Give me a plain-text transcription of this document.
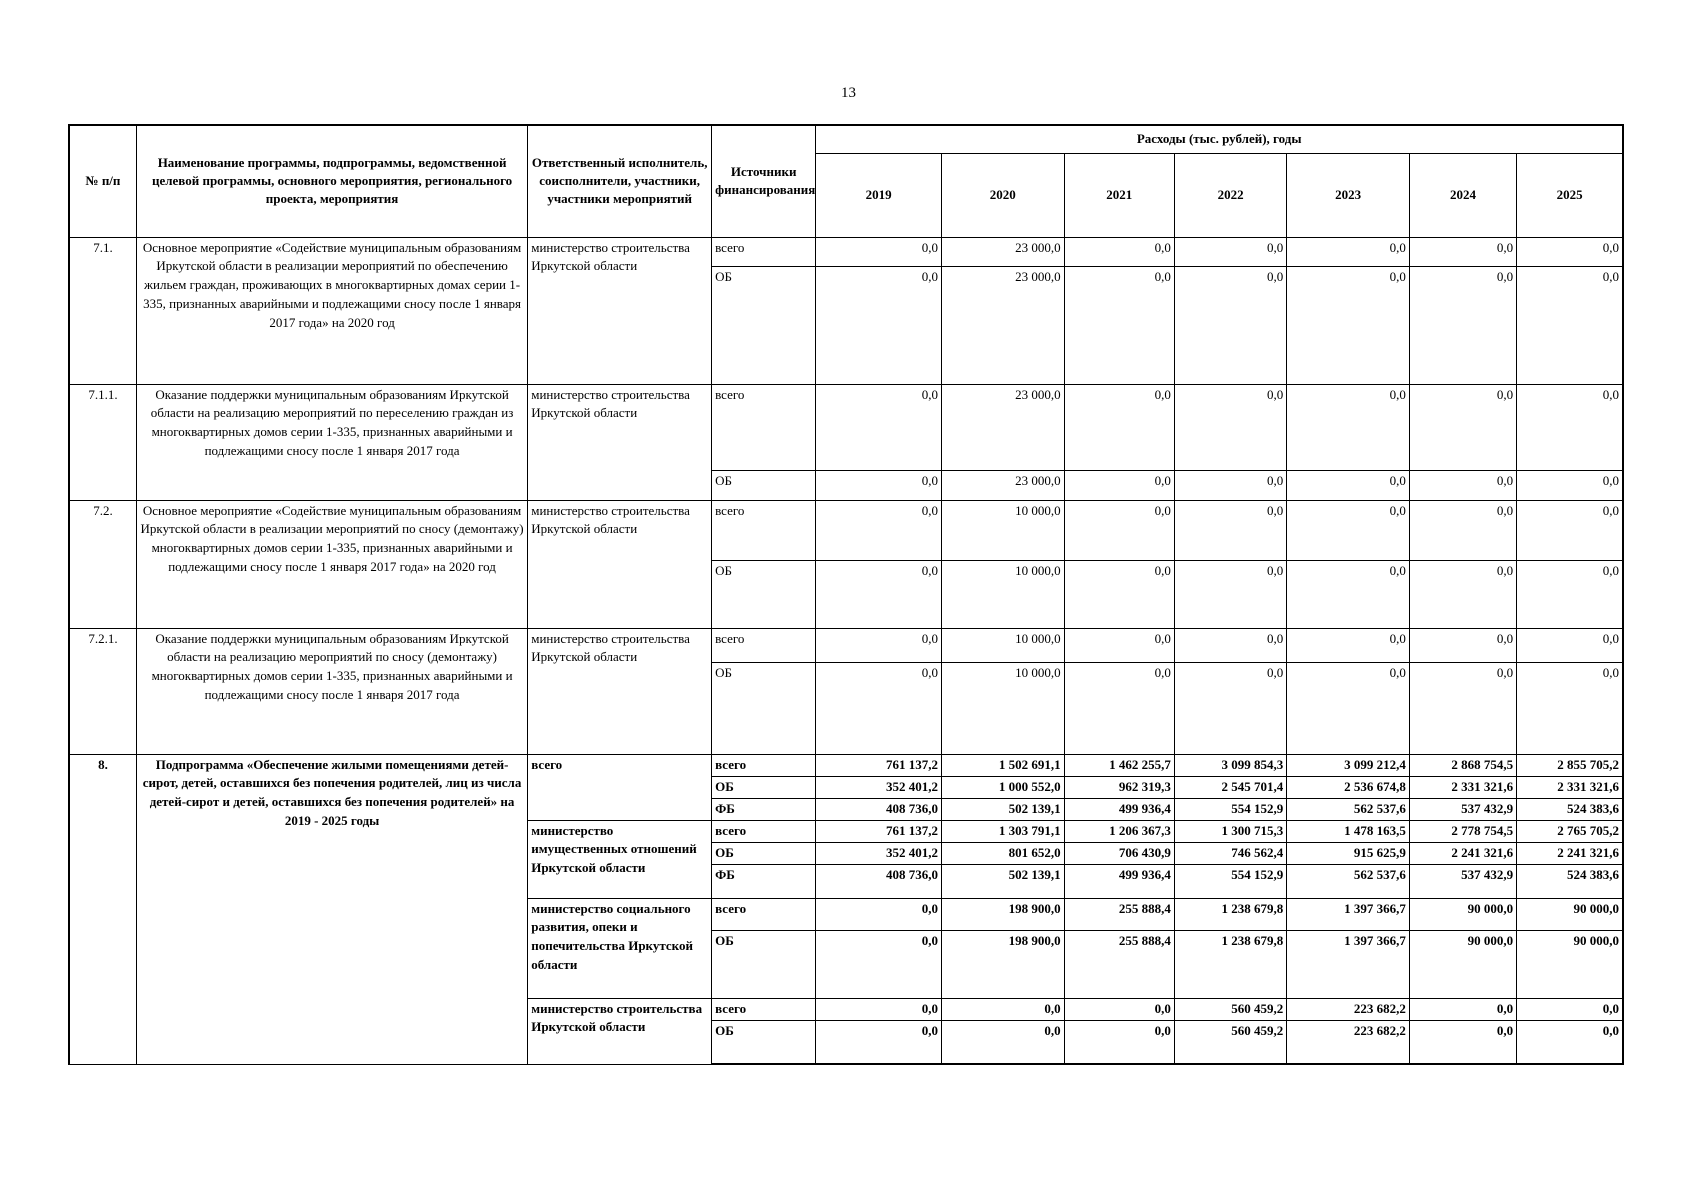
13
№ п/п	Наименование программы, подпрограммы, ведомственной целевой программы, основного мероприятия, регионального проекта, мероприятия	Ответственный исполнитель, соисполнители, участники, участники мероприятий	Источники финансирования	Расходы (тыс. рублей), годы						
				2019	2020	2021	2022	2023	2024	2025
7.1.	Основное мероприятие «Содействие муниципальным образованиям Иркутской области в реализации мероприятий по обеспечению жильем граждан, проживающих в многоквартирных домах серии 1-335, признанных аварийными и подлежащими сносу после 1 января 2017 года» на 2020 год	министерство строительства Иркутской области	всего	0,0	23 000,0	0,0	0,0	0,0	0,0	0,0
			ОБ	0,0	23 000,0	0,0	0,0	0,0	0,0	0,0
7.1.1.	Оказание поддержки муниципальным образованиям Иркутской области на реализацию мероприятий по переселению граждан из многоквартирных домов серии 1-335, признанных аварийными и подлежащими сносу после 1 января 2017 года	министерство строительства Иркутской области	всего	0,0	23 000,0	0,0	0,0	0,0	0,0	0,0
			ОБ	0,0	23 000,0	0,0	0,0	0,0	0,0	0,0
7.2.	Основное мероприятие «Содействие муниципальным образованиям Иркутской области в реализации мероприятий по сносу (демонтажу) многоквартирных домов серии 1-335, признанных аварийными и подлежащими сносу после 1 января 2017 года» на 2020 год	министерство строительства Иркутской области	всего	0,0	10 000,0	0,0	0,0	0,0	0,0	0,0
			ОБ	0,0	10 000,0	0,0	0,0	0,0	0,0	0,0
7.2.1.	Оказание поддержки муниципальным образованиям Иркутской области на реализацию мероприятий по сносу (демонтажу) многоквартирных домов серии 1-335, признанных аварийными и подлежащими сносу после 1 января 2017 года	министерство строительства Иркутской области	всего	0,0	10 000,0	0,0	0,0	0,0	0,0	0,0
			ОБ	0,0	10 000,0	0,0	0,0	0,0	0,0	0,0
8.	Подпрограмма «Обеспечение жилыми помещениями детей-сирот, детей, оставшихся без попечения родителей, лиц из числа детей-сирот и детей, оставшихся без попечения родителей» на 2019 - 2025 годы	всего	всего	761 137,2	1 502 691,1	1 462 255,7	3 099 854,3	3 099 212,4	2 868 754,5	2 855 705,2
			ОБ	352 401,2	1 000 552,0	962 319,3	2 545 701,4	2 536 674,8	2 331 321,6	2 331 321,6
			ФБ	408 736,0	502 139,1	499 936,4	554 152,9	562 537,6	537 432,9	524 383,6
		министерство имущественных отношений Иркутской области	всего	761 137,2	1 303 791,1	1 206 367,3	1 300 715,3	1 478 163,5	2 778 754,5	2 765 705,2
			ОБ	352 401,2	801 652,0	706 430,9	746 562,4	915 625,9	2 241 321,6	2 241 321,6
			ФБ	408 736,0	502 139,1	499 936,4	554 152,9	562 537,6	537 432,9	524 383,6
		министерство социального развития, опеки и попечительства Иркутской области	всего	0,0	198 900,0	255 888,4	1 238 679,8	1 397 366,7	90 000,0	90 000,0
			ОБ	0,0	198 900,0	255 888,4	1 238 679,8	1 397 366,7	90 000,0	90 000,0
		министерство строительства Иркутской области	всего	0,0	0,0	0,0	560 459,2	223 682,2	0,0	0,0
			ОБ	0,0	0,0	0,0	560 459,2	223 682,2	0,0	0,0
